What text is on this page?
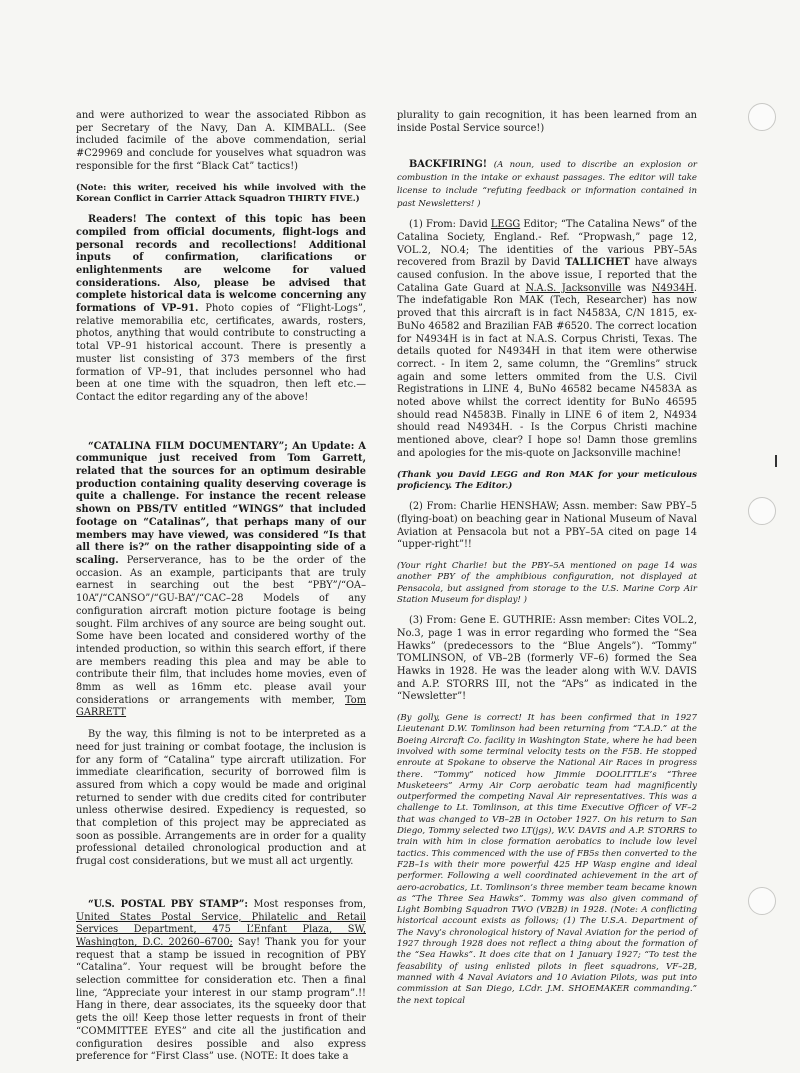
and were authorized to wear the associated Ribbon as per Secretary of the Navy, Dan A. KIMBALL. (See included facimile of the above commendation, serial #C29969 and conclude for youselves what squadron was responsible for the first “Black Cat” tactics!)

(Note: this writer, received his while involved with the Korean Conflict in Carrier Attack Squadron THIRTY FIVE.)

Readers! The context of this topic has been compiled from official documents, flight-logs and personal records and recollections! Additional inputs of confirmation, clarifications or enlightenments are welcome for valued considerations. Also, please be advised that complete historical data is welcome concerning any formations of VP–91. Photo copies of “Flight-Logs”, relative memorabilia etc, certificates, awards, rosters, photos, anything that would contribute to constructing a total VP–91 historical account. There is presently a muster list consisting of 373 members of the first formation of VP–91, that includes personnel who had been at one time with the squadron, then left etc.—Contact the editor regarding any of the above!

“CATALINA FILM DOCUMENTARY”; An Update: A communique just received from Tom Garrett, related that the sources for an optimum desirable production containing quality deserving coverage is quite a challenge. For instance the recent release shown on PBS/TV entitled “WINGS” that included footage on “Catalinas”, that perhaps many of our members may have viewed, was considered “Is that all there is?” on the rather disappointing side of a scaling. Perserverance, has to be the order of the occasion. As an example, participants that are truly earnest in searching out the best “PBY”/“OA–10A”/“CANSO”/“GU-BA”/“CAC–28 Models of any configuration aircraft motion picture footage is being sought. Film archives of any source are being sought out. Some have been located and considered worthy of the intended production, so within this search effort, if there are members reading this plea and may be able to contribute their film, that includes home movies, even of 8mm as well as 16mm etc. please avail your considerations or arrangements with member, Tom GARRETT

By the way, this filming is not to be interpreted as a need for just training or combat footage, the inclusion is for any form of “Catalina” type aircraft utilization. For immediate clearification, security of borrowed film is assured from which a copy would be made and original returned to sender with due credits cited for contributer unless otherwise desired. Expediency is requested, so that completion of this project may be appreciated as soon as possible. Arrangements are in order for a quality professional detailed chronological production and at frugal cost considerations, but we must all act urgently.

“U.S. POSTAL PBY STAMP”: Most responses from, United States Postal Service, Philatelic and Retail Services Department, 475 L’Enfant Plaza, SW, Washington, D.C. 20260–6700; Say! Thank you for your request that a stamp be issued in recognition of PBY “Catalina”. Your request will be brought before the selection committee for consideration etc. Then a final line, “Appreciate your interest in our stamp program”.!! Hang in there, dear associates, its the squeeky door that gets the oil! Keep those letter requests in front of their “COMMITTEE EYES” and cite all the justification and configuration desires possible and also express preference for “First Class” use. (NOTE: It does take a

plurality to gain recognition, it has been learned from an inside Postal Service source!)

BACKFIRING! (A noun, used to discribe an explosion or combustion in the intake or exhaust passages. The editor will take license to include “refuting feedback or information contained in past Newsletters! )

(1) From: David LEGG Editor; “The Catalina News” of the Catalina Society, England.- Ref. “Propwash,” page 12, VOL.2, NO.4; The identities of the various PBY–5As recovered from Brazil by David TALLICHET have always caused confusion. In the above issue, I reported that the Catalina Gate Guard at N.A.S. Jacksonville was N4934H. The indefatigable Ron MAK (Tech, Researcher) has now proved that this aircraft is in fact N4583A, C/N 1815, ex-BuNo 46582 and Brazilian FAB #6520. The correct location for N4934H is in fact at N.A.S. Corpus Christi, Texas. The details quoted for N4934H in that item were otherwise correct. - In item 2, same column, the “Gremlins” struck again and some letters ommited from the U.S. Civil Registrations in LINE 4, BuNo 46582 became N4583A as noted above whilst the correct identity for BuNo 46595 should read N4583B. Finally in LINE 6 of item 2, N4934 should read N4934H. - Is the Corpus Christi machine mentioned above, clear? I hope so! Damn those gremlins and apologies for the mis-quote on Jacksonville machine!

(Thank you David LEGG and Ron MAK for your meticulous proficiency. The Editor.)

(2) From: Charlie HENSHAW; Assn. member: Saw PBY–5 (flying-boat) on beaching gear in National Museum of Naval Aviation at Pensacola but not a PBY–5A cited on page 14 “upper-right”!!

(Your right Charlie! but the PBY–5A mentioned on page 14 was another PBY of the amphibious configuration, not displayed at Pensacola, but assigned from storage to the U.S. Marine Corp Air Station Museum for display! )

(3) From: Gene E. GUTHRIE: Assn member: Cites VOL.2, No.3, page 1 was in error regarding who formed the “Sea Hawks” (predecessors to the “Blue Angels”). “Tommy” TOMLINSON, of VB–2B (formerly VF–6) formed the Sea Hawks in 1928. He was the leader along with W.V. DAVIS and A.P. STORRS III, not the “APs” as indicated in the “Newsletter”!

(By golly, Gene is correct! It has been confirmed that in 1927 Lieutenant D.W. Tomlinson had been returning from “T.A.D.” at the Boeing Aircraft Co. facility in Washington State, where he had been involved with some terminal velocity tests on the F5B. He stopped enroute at Spokane to observe the National Air Races in progress there. “Tommy” noticed how Jimmie DOOLITTLE’s “Three Musketeers” Army Air Corp aerobatic team had magnificently outperformed the competing Naval Air representatives. This was a challenge to Lt. Tomlinson, at this time Executive Officer of VF–2 that was changed to VB–2B in October 1927. On his return to San Diego, Tommy selected two LT(jgs), W.V. DAVIS and A.P. STORRS to train with him in close formation aerobatics to include low level tactics. This commenced with the use of FB5s then converted to the F2B–1s with their more powerful 425 HP Wasp engine and ideal performer. Following a well coordinated achievement in the art of aero-acrobatics, Lt. Tomlinson’s three member team became known as “The Three Sea Hawks”. Tommy was also given command of Light Bombing Squadron TWO (VB2B) in 1928. (Note: A conflicting historical account exists as follows; (1) The U.S.A. Department of The Navy’s chronological history of Naval Aviation for the period of 1927 through 1928 does not reflect a thing about the formation of the “Sea Hawks”. It does cite that on 1 January 1927; “To test the feasability of using enlisted pilots in fleet squadrons, VF–2B, manned with 4 Naval Aviators and 10 Aviation Pilots, was put into commission at San Diego, LCdr. J.M. SHOEMAKER commanding.” the next topical
